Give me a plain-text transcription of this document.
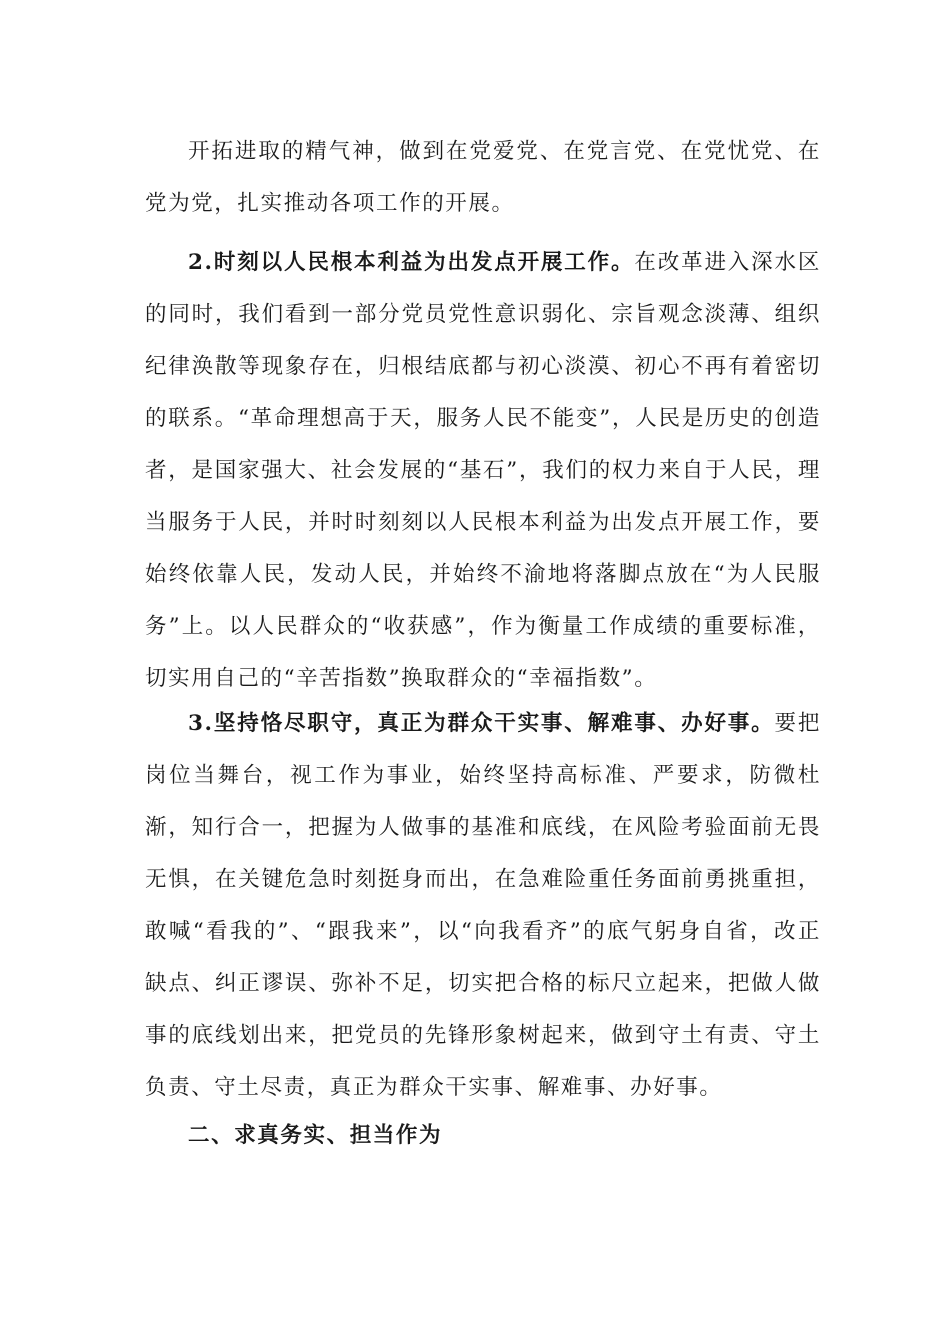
开拓进取的精气神，做到在党爱党、在党言党、在党忧党、在党为党，扎实推动各项工作的开展。

2.时刻以人民根本利益为出发点开展工作。在改革进入深水区的同时，我们看到一部分党员党性意识弱化、宗旨观念淡薄、组织纪律涣散等现象存在，归根结底都与初心淡漠、初心不再有着密切的联系。“革命理想高于天，服务人民不能变”，人民是历史的创造者，是国家强大、社会发展的“基石”，我们的权力来自于人民，理当服务于人民，并时时刻刻以人民根本利益为出发点开展工作，要始终依靠人民，发动人民，并始终不渝地将落脚点放在“为人民服务”上。以人民群众的“收获感”，作为衡量工作成绩的重要标准，切实用自己的“辛苦指数”换取群众的“幸福指数”。

3.坚持恪尽职守，真正为群众干实事、解难事、办好事。要把岗位当舞台，视工作为事业，始终坚持高标准、严要求，防微杜渐，知行合一，把握为人做事的基准和底线，在风险考验面前无畏无惧，在关键危急时刻挺身而出，在急难险重任务面前勇挑重担，敢喊“看我的”、“跟我来”，以“向我看齐”的底气躬身自省，改正缺点、纠正谬误、弥补不足，切实把合格的标尺立起来，把做人做事的底线划出来，把党员的先锋形象树起来，做到守土有责、守土负责、守土尽责，真正为群众干实事、解难事、办好事。

二、求真务实、担当作为
